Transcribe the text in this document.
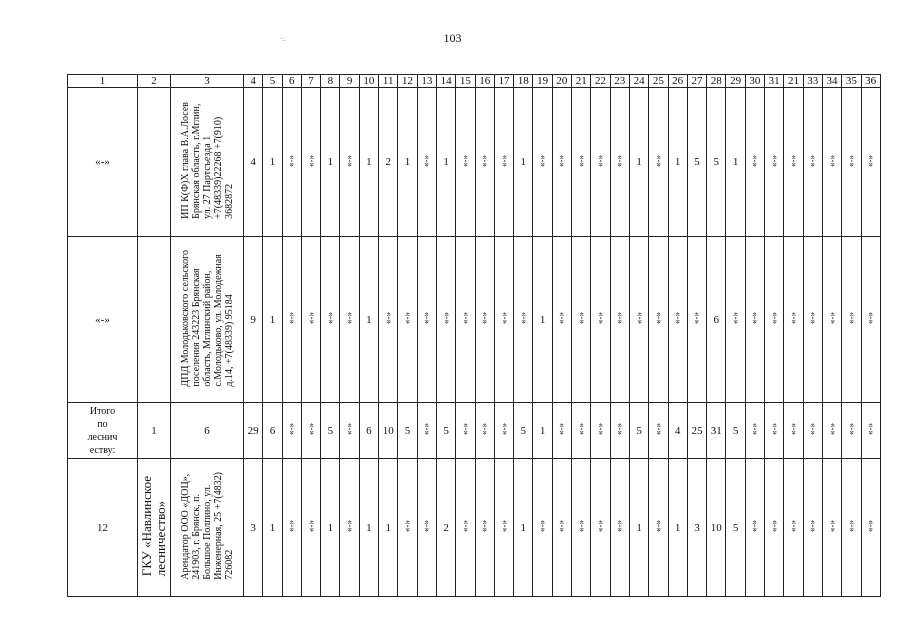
·:.	103
1	2	3	4	5	6	7	8	9	10	11	12	13	14	15	16	17	18	19	20	21	22	23	24	25	26	27	28	29	30	31	21	33	34	35	36
«-»		ИП К(Ф)Х глава В.А.Лосев
Брянская область, г.Мглин,
ул. 27 Партсъезда 1
+7(48339)22268 +7(910)
3682872	4	1	«-»	«-»	1	«-»	1	2	1	«-»	1	«-»	«-»	«-»	1	«-»	«-»	«-»	«-»	«-»	1	«-»	1	5	5	1	«-»	«-»	«-»	«-»	«-»	«-»	«-»
«-»		ДПД Молодьковского сельского
поселения 243223 Брянская
область, Мглинский район,
с.Молодьково, ул. Молодежная
д.14, +7(48339) 95184	9	1	«-»	«-»	«-»	«-»	1	«-»	«-»	«-»	«-»	«-»	«-»	«-»	«-»	1	«-»	«-»	«-»	«-»	«-»	«-»	«-»	«-»	6	«-»	«-»	«-»	«-»	«-»	«-»	«-»	«-»
Итого
по
леснич
еству:	1	6	29	6	«-»	«-»	5	«-»	6	10	5	«-»	5	«-»	«-»	«-»	5	1	«-»	«-»	«-»	«-»	5	«-»	4	25	31	5	«-»	«-»	«-»	«-»	«-»	«-»	«-»
12	ГКУ «Навлинское
лесничество»	Арендатор ООО «ДОЦ»,
241903, г. Брянск, п.
Большое Полпино, ул.
Инженерная, 25 +7(4832)
726082	3	1	«-»	«-»	1	«-»	1	1	«-»	«-»	2	«-»	«-»	«-»	1	«-»	«-»	«-»	«-»	«-»	1	«-»	1	3	10	5	«-»	«-»	«-»	«-»	«-»	«-»	«-»
